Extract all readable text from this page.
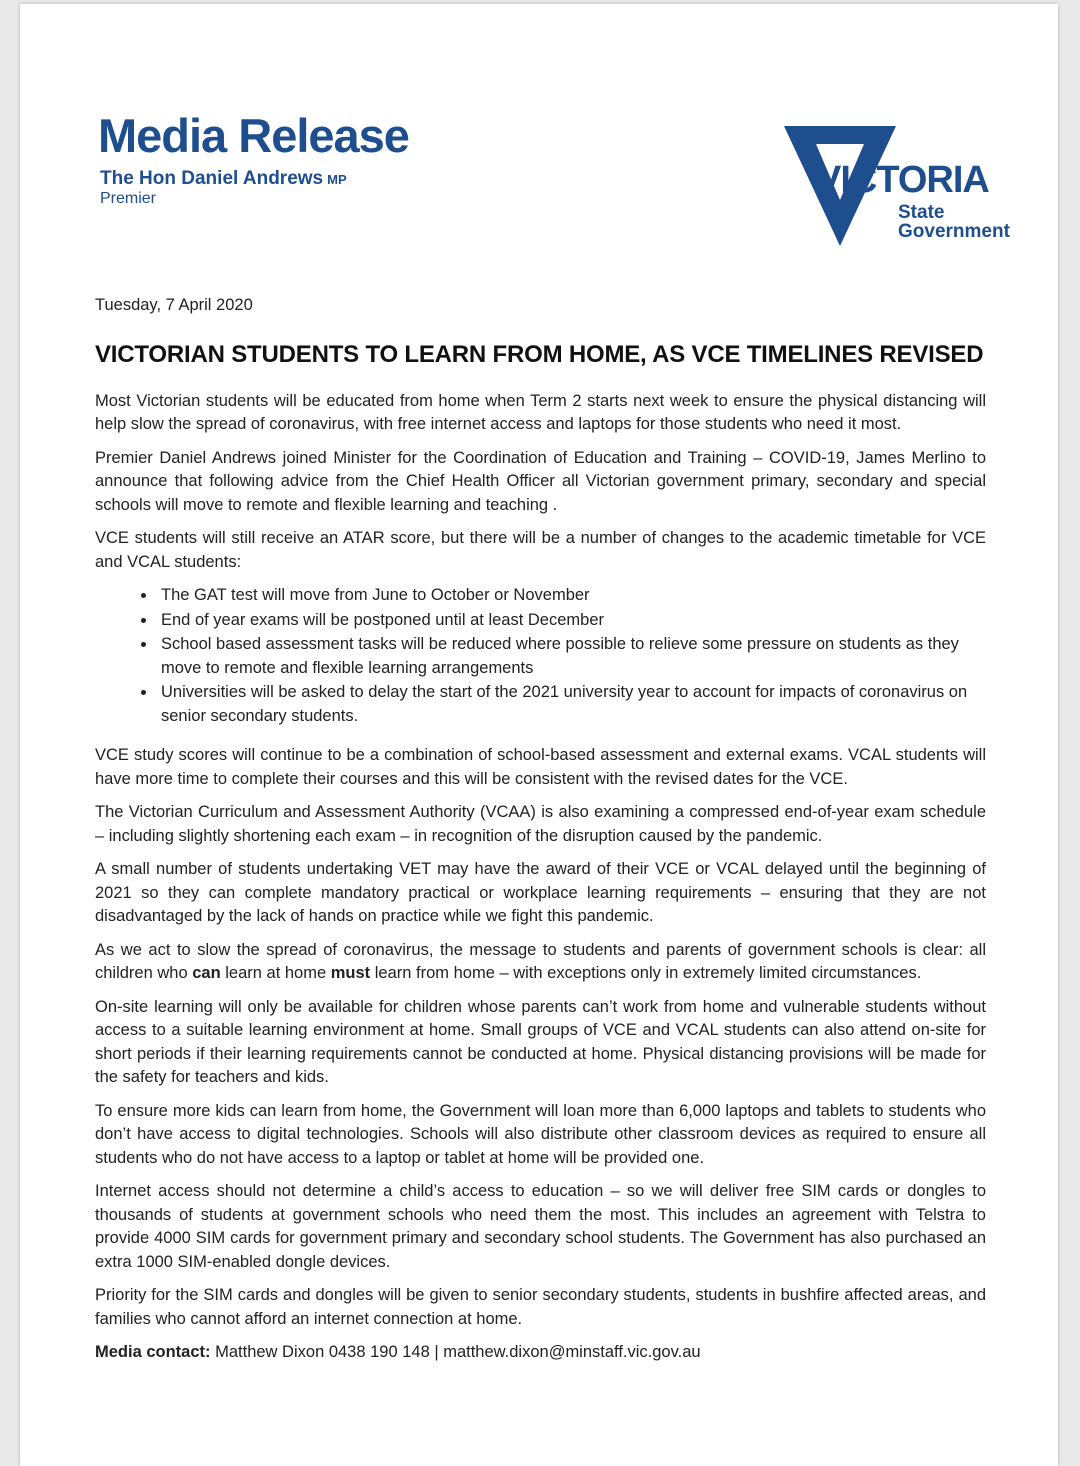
Media Release
The Hon Daniel Andrews MP
Premier	VICTORIA
State
Government
Tuesday, 7 April 2020
VICTORIAN STUDENTS TO LEARN FROM HOME, AS VCE TIMELINES REVISED

Most Victorian students will be educated from home when Term 2 starts next week to ensure the physical distancing will help slow the spread of coronavirus, with free internet access and laptops for those students who need it most.

Premier Daniel Andrews joined Minister for the Coordination of Education and Training – COVID-19, James Merlino to announce that following advice from the Chief Health Officer all Victorian government primary, secondary and special schools will move to remote and flexible learning and teaching .

VCE students will still receive an ATAR score, but there will be a number of changes to the academic timetable for VCE and VCAL students:

• The GAT test will move from June to October or November
• End of year exams will be postponed until at least December
• School based assessment tasks will be reduced where possible to relieve some pressure on students as they move to remote and flexible learning arrangements
• Universities will be asked to delay the start of the 2021 university year to account for impacts of coronavirus on senior secondary students.

VCE study scores will continue to be a combination of school-based assessment and external exams. VCAL students will have more time to complete their courses and this will be consistent with the revised dates for the VCE.

The Victorian Curriculum and Assessment Authority (VCAA) is also examining a compressed end-of-year exam schedule – including slightly shortening each exam – in recognition of the disruption caused by the pandemic.

A small number of students undertaking VET may have the award of their VCE or VCAL delayed until the beginning of 2021 so they can complete mandatory practical or workplace learning requirements – ensuring that they are not disadvantaged by the lack of hands on practice while we fight this pandemic.

As we act to slow the spread of coronavirus, the message to students and parents of government schools is clear: all children who can learn at home must learn from home – with exceptions only in extremely limited circumstances.

On-site learning will only be available for children whose parents can’t work from home and vulnerable students without access to a suitable learning environment at home. Small groups of VCE and VCAL students can also attend on-site for short periods if their learning requirements cannot be conducted at home. Physical distancing provisions will be made for the safety for teachers and kids.

To ensure more kids can learn from home, the Government will loan more than 6,000 laptops and tablets to students who don’t have access to digital technologies. Schools will also distribute other classroom devices as required to ensure all students who do not have access to a laptop or tablet at home will be provided one.

Internet access should not determine a child’s access to education – so we will deliver free SIM cards or dongles to thousands of students at government schools who need them the most. This includes an agreement with Telstra to provide 4000 SIM cards for government primary and secondary school students. The Government has also purchased an extra 1000 SIM-enabled dongle devices.

Priority for the SIM cards and dongles will be given to senior secondary students, students in bushfire affected areas, and families who cannot afford an internet connection at home.

Media contact: Matthew Dixon 0438 190 148 | matthew.dixon@minstaff.vic.gov.au
